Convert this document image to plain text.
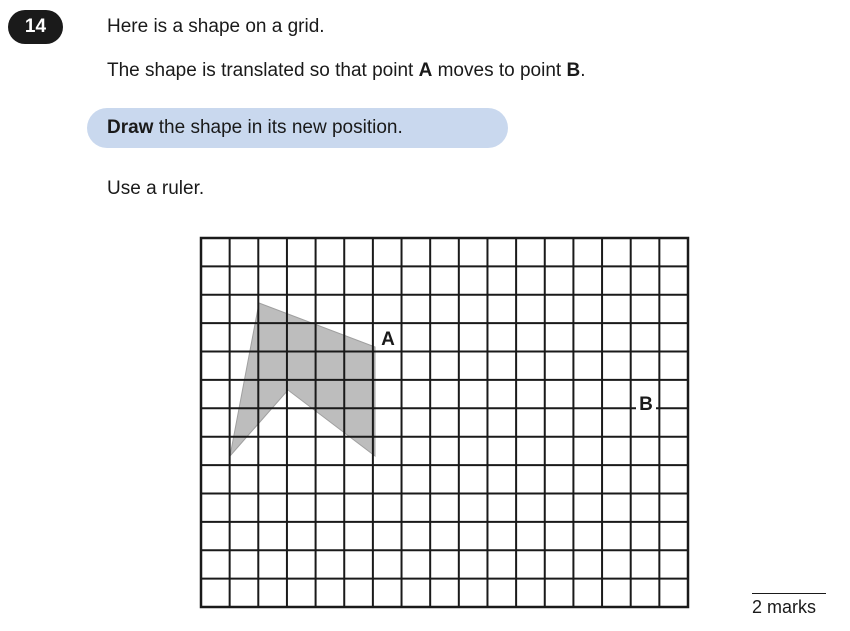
14	Here is a shape on a grid.
The shape is translated so that point A moves to point B.
Draw the shape in its new position.
Use a ruler.
A
B
2 marks
